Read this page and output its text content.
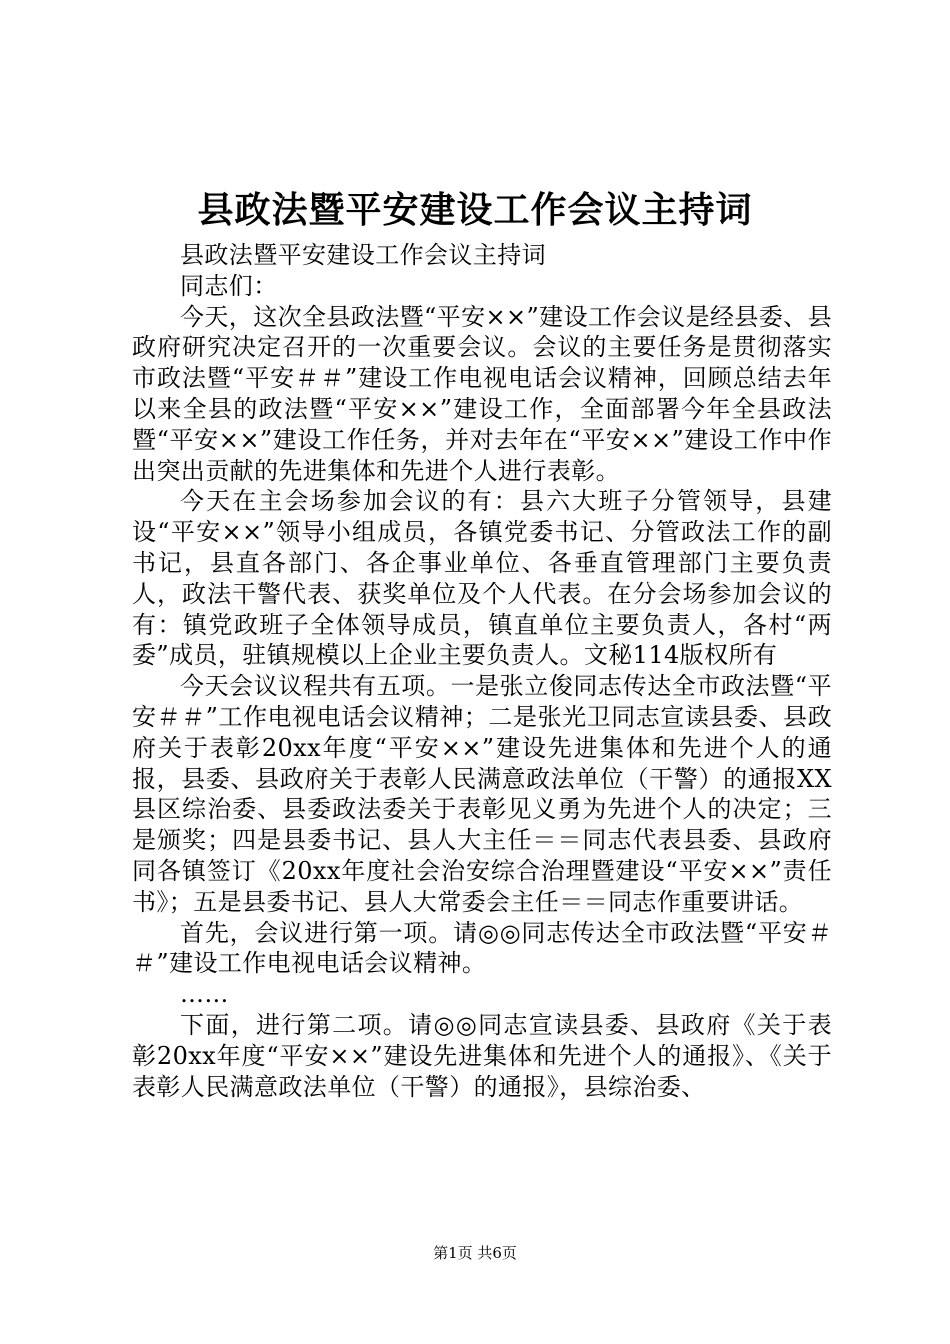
县政法暨平安建设工作会议主持词

县政法暨平安建设工作会议主持词

同志们：

今天，这次全县政法暨“平安××”建设工作会议是经县委、县政府研究决定召开的一次重要会议。会议的主要任务是贯彻落实市政法暨“平安＃＃”建设工作电视电话会议精神，回顾总结去年以来全县的政法暨“平安××”建设工作，全面部署今年全县政法暨“平安××”建设工作任务，并对去年在“平安××”建设工作中作出突出贡献的先进集体和先进个人进行表彰。

今天在主会场参加会议的有：县六大班子分管领导，县建设“平安××”领导小组成员，各镇党委书记、分管政法工作的副书记，县直各部门、各企事业单位、各垂直管理部门主要负责人，政法干警代表、获奖单位及个人代表。在分会场参加会议的有：镇党政班子全体领导成员，镇直单位主要负责人，各村“两委”成员，驻镇规模以上企业主要负责人。文秘114版权所有

今天会议议程共有五项。一是张立俊同志传达全市政法暨“平安＃＃”工作电视电话会议精神；二是张光卫同志宣读县委、县政府关于表彰20xx年度“平安××”建设先进集体和先进个人的通报，县委、县政府关于表彰人民满意政法单位（干警）的通报XX县区综治委、县委政法委关于表彰见义勇为先进个人的决定；三是颁奖；四是县委书记、县人大主任＝＝同志代表县委、县政府同各镇签订《20xx年度社会治安综合治理暨建设“平安××”责任书》；五是县委书记、县人大常委会主任＝＝同志作重要讲话。

首先，会议进行第一项。请◎◎同志传达全市政法暨“平安＃＃”建设工作电视电话会议精神。

……

下面，进行第二项。请◎◎同志宣读县委、县政府《关于表彰20xx年度“平安××”建设先进集体和先进个人的通报》、《关于表彰人民满意政法单位（干警）的通报》，县综治委、

第1页 共6页
